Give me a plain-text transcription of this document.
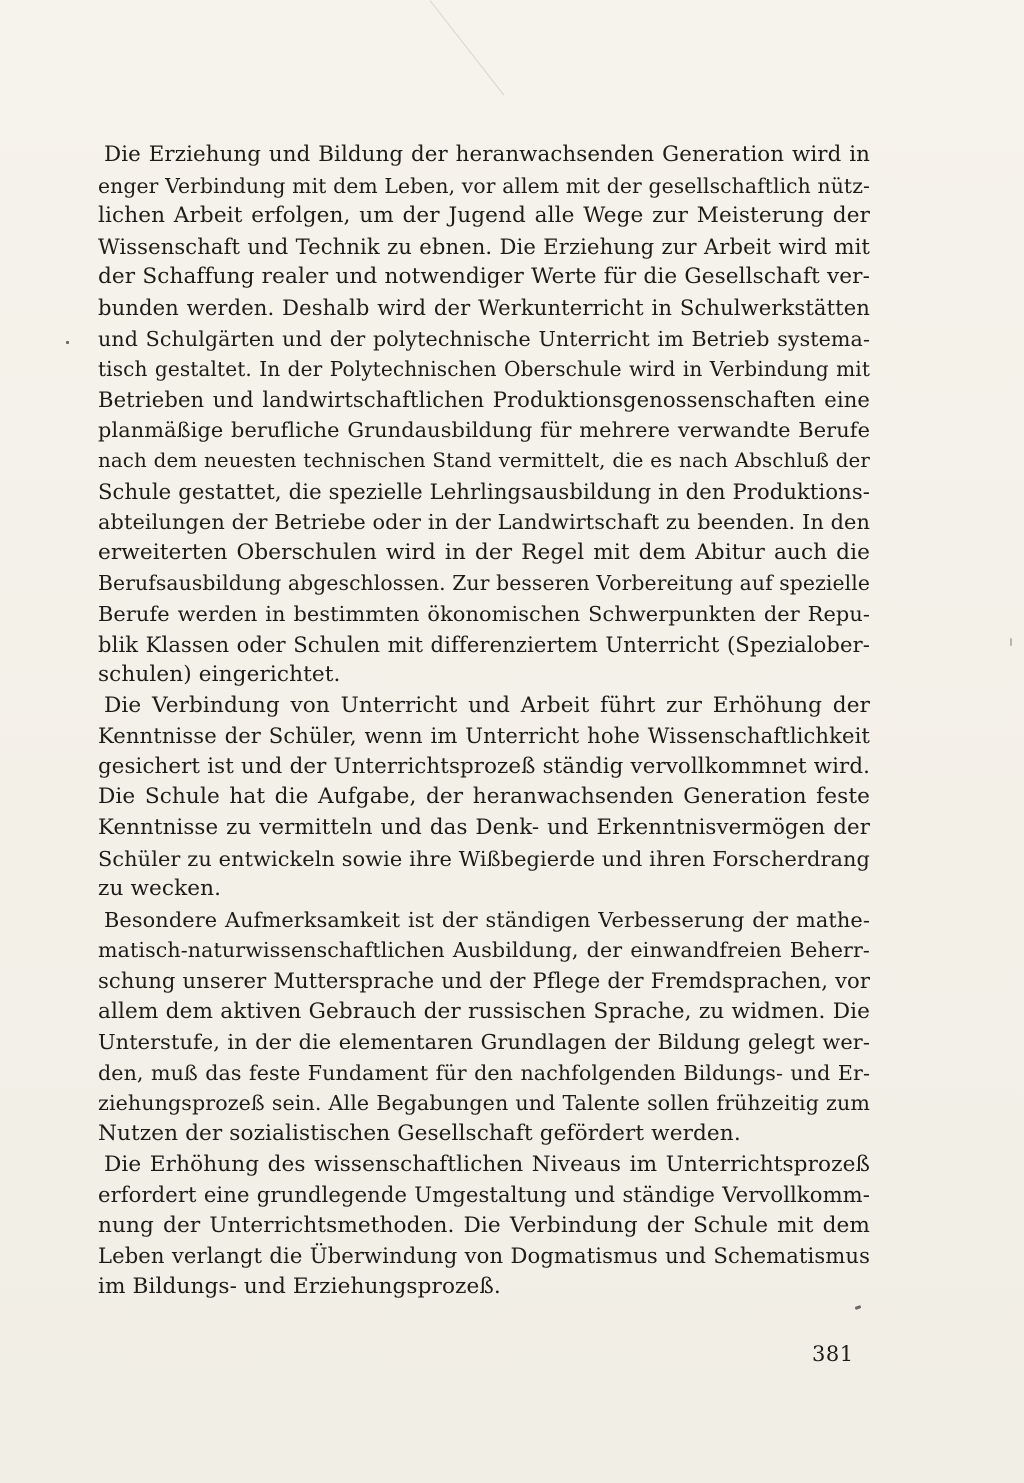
Die Erziehung und Bildung der heranwachsenden Generation wird in
enger Verbindung mit dem Leben, vor allem mit der gesellschaftlich nütz-
lichen Arbeit erfolgen, um der Jugend alle Wege zur Meisterung der
Wissenschaft und Technik zu ebnen. Die Erziehung zur Arbeit wird mit
der Schaffung realer und notwendiger Werte für die Gesellschaft ver-
bunden werden. Deshalb wird der Werkunterricht in Schulwerkstätten
und Schulgärten und der polytechnische Unterricht im Betrieb systema-
tisch gestaltet. In der Polytechnischen Oberschule wird in Verbindung mit
Betrieben und landwirtschaftlichen Produktionsgenossenschaften eine
planmäßige berufliche Grundausbildung für mehrere verwandte Berufe
nach dem neuesten technischen Stand vermittelt, die es nach Abschluß der
Schule gestattet, die spezielle Lehrlingsausbildung in den Produktions-
abteilungen der Betriebe oder in der Landwirtschaft zu beenden. In den
erweiterten Oberschulen wird in der Regel mit dem Abitur auch die
Berufsausbildung abgeschlossen. Zur besseren Vorbereitung auf spezielle
Berufe werden in bestimmten ökonomischen Schwerpunkten der Repu-
blik Klassen oder Schulen mit differenziertem Unterricht (Spezialober-
schulen) eingerichtet.
Die Verbindung von Unterricht und Arbeit führt zur Erhöhung der
Kenntnisse der Schüler, wenn im Unterricht hohe Wissenschaftlichkeit
gesichert ist und der Unterrichtsprozeß ständig vervollkommnet wird.
Die Schule hat die Aufgabe, der heranwachsenden Generation feste
Kenntnisse zu vermitteln und das Denk- und Erkenntnisvermögen der
Schüler zu entwickeln sowie ihre Wißbegierde und ihren Forscherdrang
zu wecken.
Besondere Aufmerksamkeit ist der ständigen Verbesserung der mathe-
matisch-naturwissenschaftlichen Ausbildung, der einwandfreien Beherr-
schung unserer Muttersprache und der Pflege der Fremdsprachen, vor
allem dem aktiven Gebrauch der russischen Sprache, zu widmen. Die
Unterstufe, in der die elementaren Grundlagen der Bildung gelegt wer-
den, muß das feste Fundament für den nachfolgenden Bildungs- und Er-
ziehungsprozeß sein. Alle Begabungen und Talente sollen frühzeitig zum
Nutzen der sozialistischen Gesellschaft gefördert werden.
Die Erhöhung des wissenschaftlichen Niveaus im Unterrichtsprozeß
erfordert eine grundlegende Umgestaltung und ständige Vervollkomm-
nung der Unterrichtsmethoden. Die Verbindung der Schule mit dem
Leben verlangt die Überwindung von Dogmatismus und Schematismus
im Bildungs- und Erziehungsprozeß.
381
